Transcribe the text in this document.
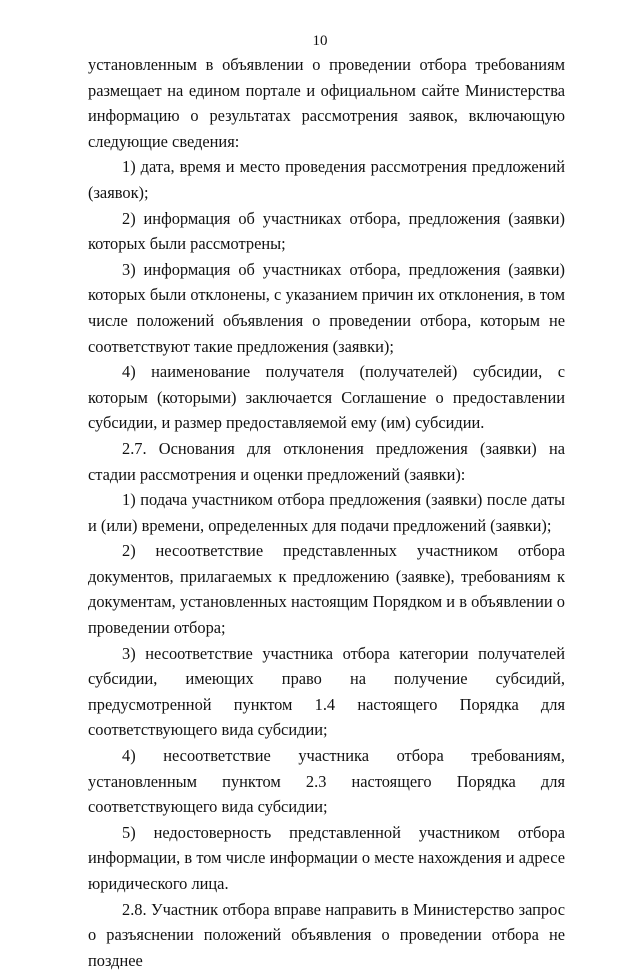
10

установленным в объявлении о проведении отбора требованиям размещает на едином портале и официальном сайте Министерства информацию о результатах рассмотрения заявок, включающую следующие сведения:

1) дата, время и место проведения рассмотрения предложений (заявок);

2) информация об участниках отбора, предложения (заявки) которых были рассмотрены;

3) информация об участниках отбора, предложения (заявки) которых были отклонены, с указанием причин их отклонения, в том числе положений объявления о проведении отбора, которым не соответствуют такие предложения (заявки);

4) наименование получателя (получателей) субсидии, с которым (которыми) заключается Соглашение о предоставлении субсидии, и размер предоставляемой ему (им) субсидии.

2.7. Основания для отклонения предложения (заявки) на стадии рассмотрения и оценки предложений (заявки):

1) подача участником отбора предложения (заявки) после даты и (или) времени, определенных для подачи предложений (заявки);

2) несоответствие представленных участником отбора документов, прилагаемых к предложению (заявке), требованиям к документам, установленных настоящим Порядком и в объявлении о проведении отбора;

3) несоответствие участника отбора категории получателей субсидии, имеющих право на получение субсидий, предусмотренной пунктом 1.4 настоящего Порядка для соответствующего вида субсидии;

4) несоответствие участника отбора требованиям, установленным пунктом 2.3 настоящего Порядка для соответствующего вида субсидии;

5) недостоверность представленной участником отбора информации, в том числе информации о месте нахождения и адресе юридического лица.

2.8. Участник отбора вправе направить в Министерство запрос о разъяснении положений объявления о проведении отбора не позднее
